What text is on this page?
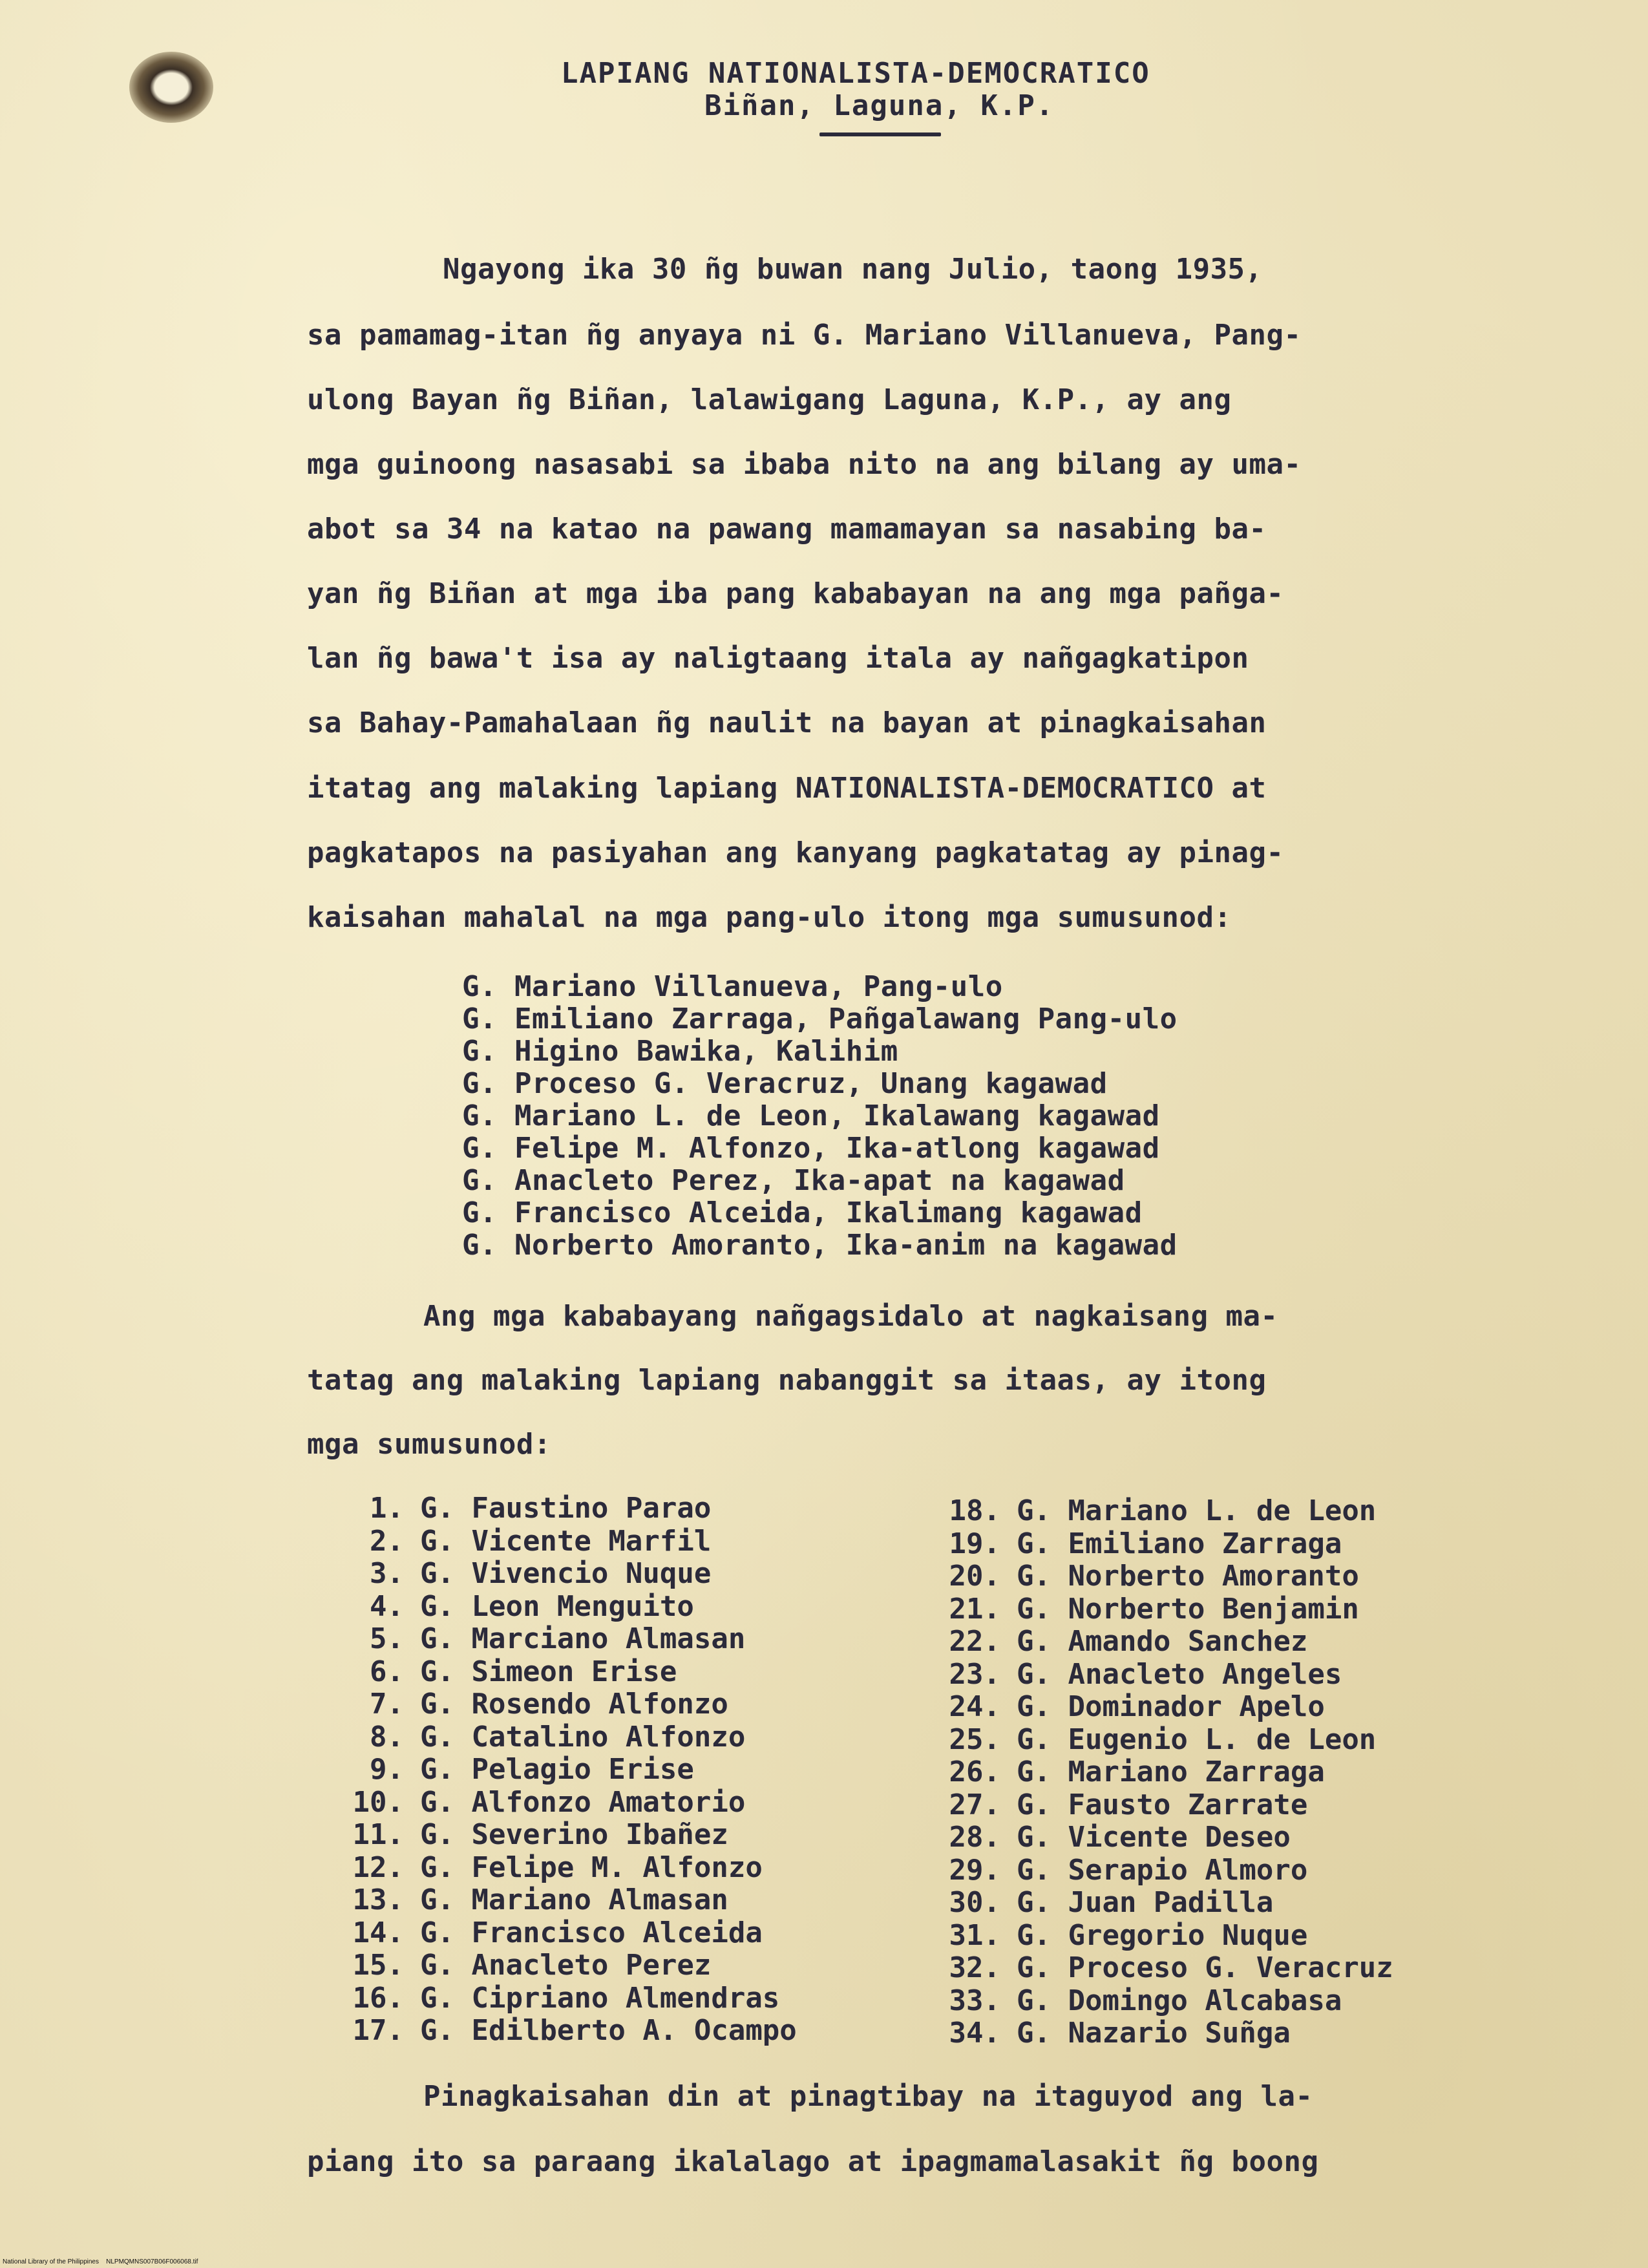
LAPIANG NATIONALISTA-DEMOCRATICO
Biñan, Laguna, K.P.
Ngayong ika 30 ñg buwan nang Julio, taong 1935,
sa pamamag-itan ñg anyaya ni G. Mariano Villanueva, Pang-
ulong Bayan ñg Biñan, lalawigang Laguna, K.P., ay ang
mga guinoong nasasabi sa ibaba nito na ang bilang ay uma-
abot sa 34 na katao na pawang mamamayan sa nasabing ba-
yan ñg Biñan at mga iba pang kababayan na ang mga pañga-
lan ñg bawa't isa ay naligtaang itala ay nañgagkatipon
sa Bahay-Pamahalaan ñg naulit na bayan at pinagkaisahan
itatag ang malaking lapiang NATIONALISTA-DEMOCRATICO at
pagkatapos na pasiyahan ang kanyang pagkatatag ay pinag-
kaisahan mahalal na mga pang-ulo itong mga sumusunod:
G. Mariano Villanueva, Pang-ulo
G. Emiliano Zarraga, Pañgalawang Pang-ulo
G. Higino Bawika, Kalihim
G. Proceso G. Veracruz, Unang kagawad
G. Mariano L. de Leon, Ikalawang kagawad
G. Felipe M. Alfonzo, Ika-atlong kagawad
G. Anacleto Perez, Ika-apat na kagawad
G. Francisco Alceida, Ikalimang kagawad
G. Norberto Amoranto, Ika-anim na kagawad
Ang mga kababayang nañgagsidalo at nagkaisang ma-
tatag ang malaking lapiang nabanggit sa itaas, ay itong
mga sumusunod:
1. G. Faustino Parao
2. G. Vicente Marfil
3. G. Vivencio Nuque
4. G. Leon Menguito
5. G. Marciano Almasan
6. G. Simeon Erise
7. G. Rosendo Alfonzo
8. G. Catalino Alfonzo
9. G. Pelagio Erise
10. G. Alfonzo Amatorio
11. G. Severino Ibañez
12. G. Felipe M. Alfonzo
13. G. Mariano Almasan
14. G. Francisco Alceida
15. G. Anacleto Perez
16. G. Cipriano Almendras
17. G. Edilberto A. Ocampo
18. G. Mariano L. de Leon
19. G. Emiliano Zarraga
20. G. Norberto Amoranto
21. G. Norberto Benjamin
22. G. Amando Sanchez
23. G. Anacleto Angeles
24. G. Dominador Apelo
25. G. Eugenio L. de Leon
26. G. Mariano Zarraga
27. G. Fausto Zarrate
28. G. Vicente Deseo
29. G. Serapio Almoro
30. G. Juan Padilla
31. G. Gregorio Nuque
32. G. Proceso G. Veracruz
33. G. Domingo Alcabasa
34. G. Nazario Suñga
Pinagkaisahan din at pinagtibay na itaguyod ang la-
piang ito sa paraang ikalalago at ipagmamalasakit ñg boong
National Library of the Philippines NLPMQMNS007B06F006068.tif
